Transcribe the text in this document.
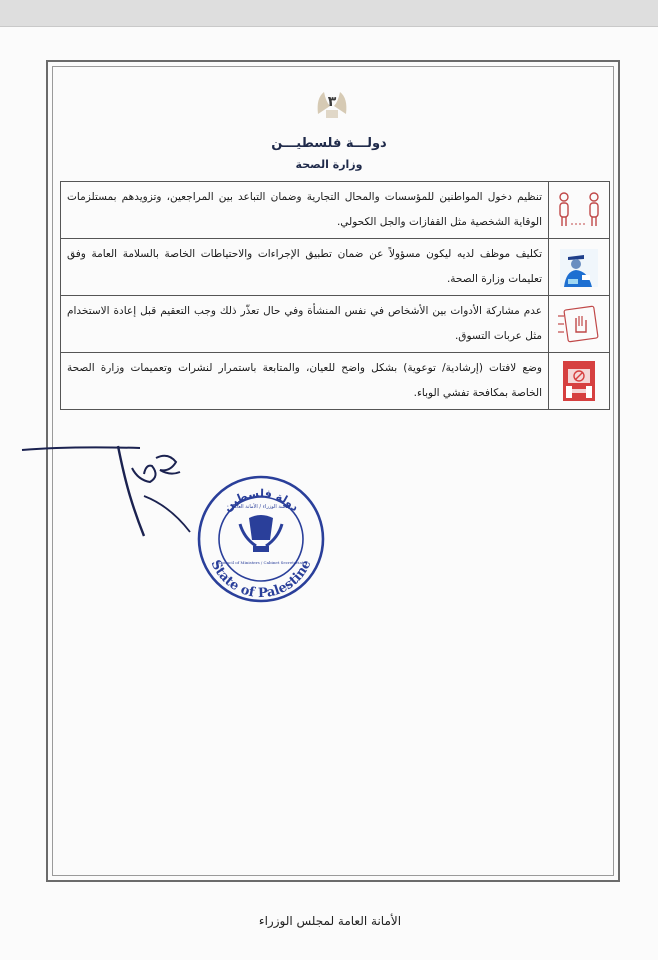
٣
دولـــة فلسطيـــن
وزارة الصحة
	تنظيم دخول المواطنين للمؤسسات والمحال التجارية وضمان التباعد بين المراجعين، وتزويدهم بمستلزمات الوقاية الشخصية مثل القفازات والجل الكحولي.

	تكليف موظف لديه ليكون مسؤولاً عن ضمان تطبيق الإجراءات والاحتياطات الخاصة بالسلامة العامة وفق تعليمات وزارة الصحة.

	عدم مشاركة الأدوات بين الأشخاص في نفس المنشأة وفي حال تعذّر ذلك وجب التعقيم قبل إعادة الاستخدام مثل عربات التسوق.

	وضع لافتات (إرشادية/ توعوية) بشكل واضح للعيان، والمتابعة باستمرار لنشرات وتعميمات وزارة الصحة الخاصة بمكافحة تفشي الوباء.
دولة فلسطين
State of Palestine
رئاسة الوزراء / الأمانة العامة
Council of Ministers / Cabinet Secretariat
الأمانة العامة لمجلس الوزراء
